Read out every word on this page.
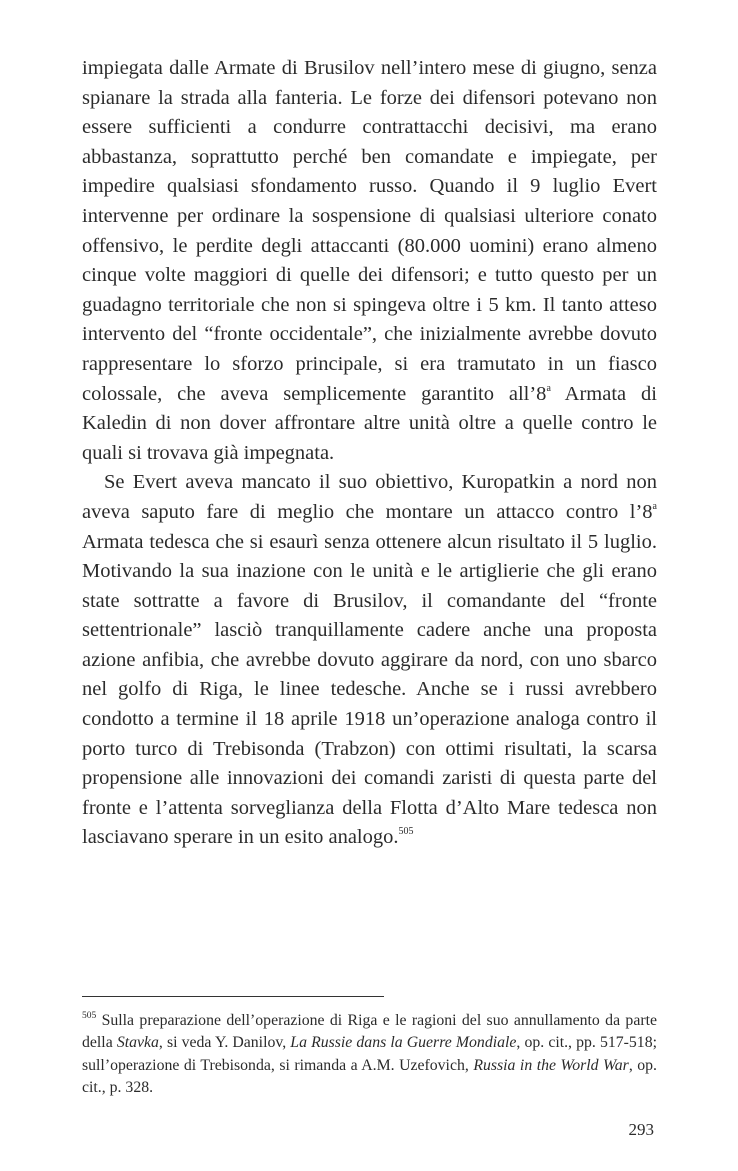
impiegata dalle Armate di Brusilov nell’intero mese di giugno, senza spianare la strada alla fanteria. Le forze dei difensori potevano non essere sufficienti a condurre contrattacchi decisivi, ma erano abbastanza, soprattutto perché ben comandate e impiegate, per impedire qualsiasi sfondamento russo. Quando il 9 luglio Evert intervenne per ordinare la sospensione di qualsiasi ulteriore conato offensivo, le perdite degli attaccanti (80.000 uomini) erano almeno cinque volte maggiori di quelle dei difensori; e tutto questo per un guadagno territoriale che non si spingeva oltre i 5 km. Il tanto atteso intervento del “fronte occidentale”, che inizialmente avrebbe dovuto rappresentare lo sforzo principale, si era tramutato in un fiasco colossale, che aveva semplicemente garantito all’8$^a$ Armata di Kaledin di non dover affrontare altre unità oltre a quelle contro le quali si trovava già impegnata.

Se Evert aveva mancato il suo obiettivo, Kuropatkin a nord non aveva saputo fare di meglio che montare un attacco contro l’8$^a$ Armata tedesca che si esaurì senza ottenere alcun risultato il 5 luglio. Motivando la sua inazione con le unità e le artiglierie che gli erano state sottratte a favore di Brusilov, il comandante del “fronte settentrionale” lasciò tranquillamente cadere anche una proposta azione anfibia, che avrebbe dovuto aggirare da nord, con uno sbarco nel golfo di Riga, le linee tedesche. Anche se i russi avrebbero condotto a termine il 18 aprile 1918 un’operazione analoga contro il porto turco di Trebisonda (Trabzon) con ottimi risultati, la scarsa propensione alle innovazioni dei comandi zaristi di questa parte del fronte e l’attenta sorveglianza della Flotta d’Alto Mare tedesca non lasciavano sperare in un esito analogo.$^{505}$

$^{505}$ Sulla preparazione dell’operazione di Riga e le ragioni del suo annullamento da parte della Stavka, si veda Y. Danilov, La Russie dans la Guerre Mondiale, op. cit., pp. 517-518; sull’operazione di Trebisonda, si rimanda a A.M. Uzefovich, Russia in the World War, op. cit., p. 328.

293
